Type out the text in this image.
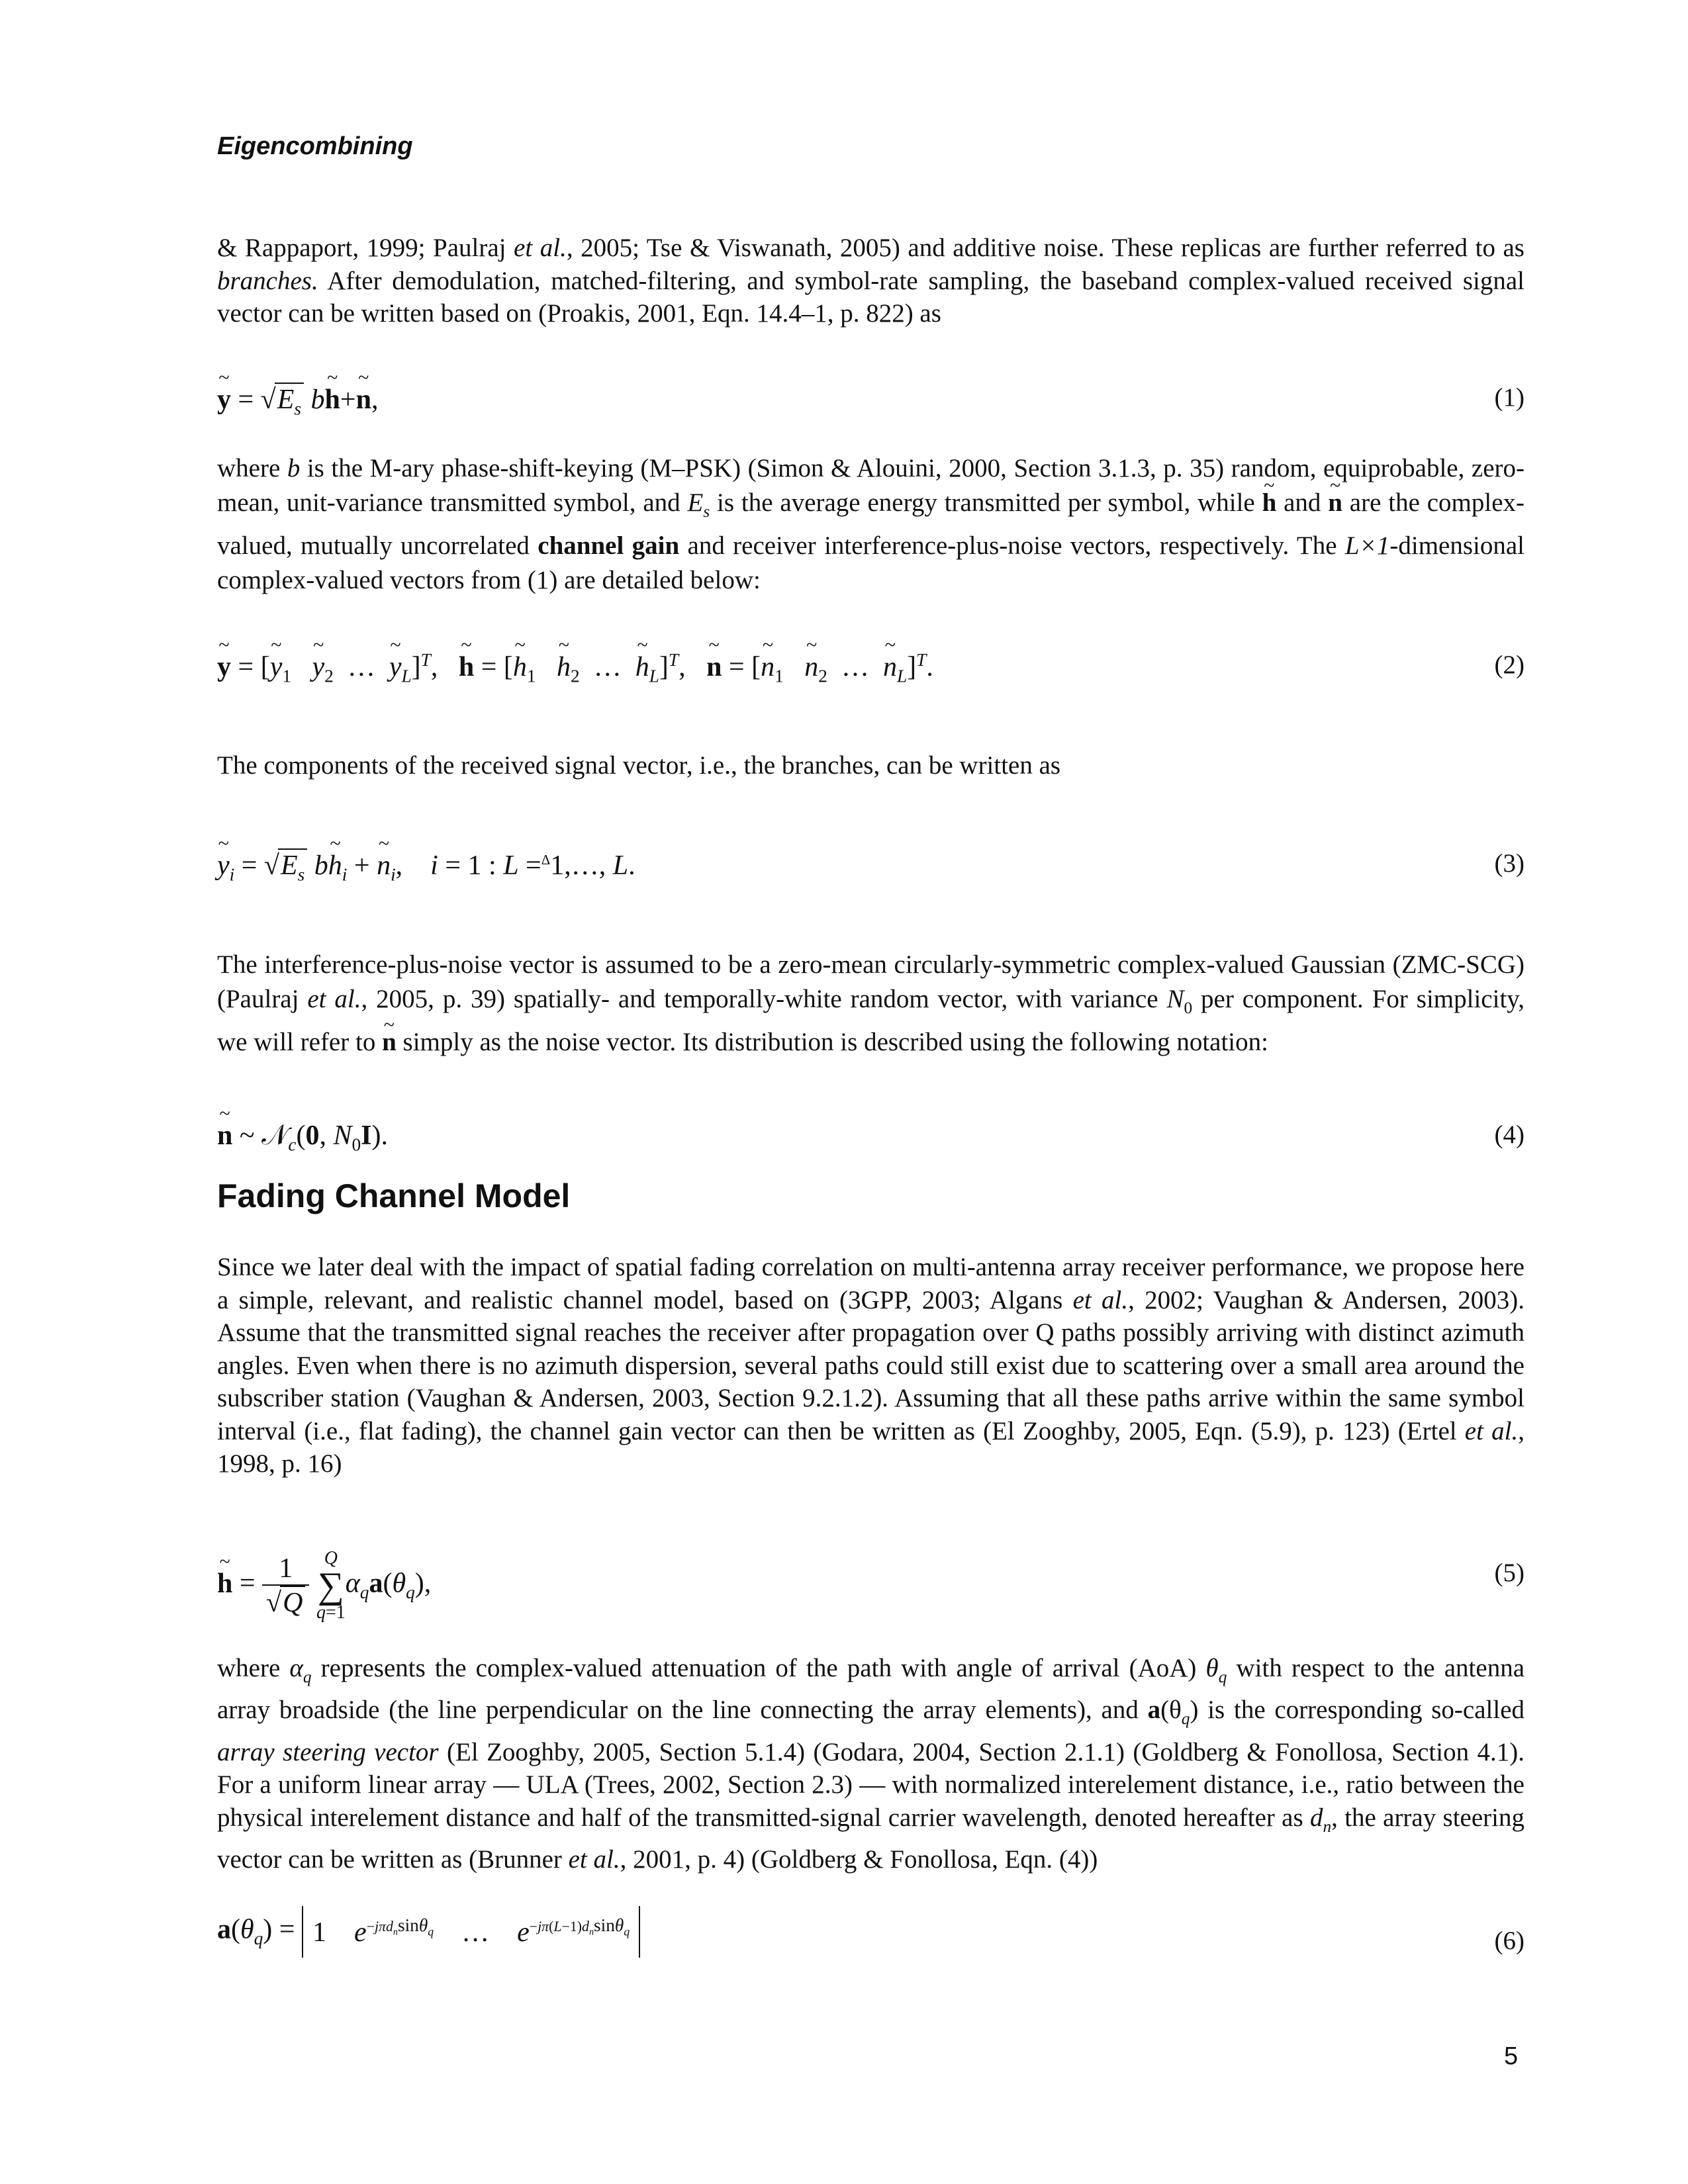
Eigencombining
& Rappaport, 1999; Paulraj et al., 2005; Tse & Viswanath, 2005) and additive noise. These replicas are further referred to as branches. After demodulation, matched-filtering, and symbol-rate sampling, the baseband complex-valued received signal vector can be written based on (Proakis, 2001, Eqn. 14.4–1, p. 822) as
~ $y = √E_s$ b~ h+~ n,	(1)
where b is the M-ary phase-shift-keying (M–PSK) (Simon & Alouini, 2000, Section 3.1.3, p. 35) random, equiprobable, zero-mean, unit-variance transmitted symbol, and $E_s$ is the average energy transmitted per symbol, while ~ h and ~ n are the complex-valued, mutually uncorrelated channel gain and receiver interference-plus-noise vectors, respectively. The L×1-dimensional complex-valued vectors from (1) are detailed below:
~ y = [~ $y_1$ ~ $y_2$  …  ~ $y_L]^T$,   ~ h = [~ $h_1$ ~ $h_2$  …  ~ $h_L]^T$,   ~ n = [~ $n_1$ ~ $n_2$  …  ~ $n_L]^T$.	(2)
The components of the received signal vector, i.e., the branches, can be written as
~ $y_i = √E_s$ b~ $h_i$ + ~ $n_i$,    i = 1 : L =$^\Delta$1,…, L.	(3)
The interference-plus-noise vector is assumed to be a zero-mean circularly-symmetric complex-valued Gaussian (ZMC-SCG) (Paulraj et al., 2005, p. 39) spatially- and temporally-white random vector, with variance $N_0$ per component. For simplicity, we will refer to ~ n simply as the noise vector. Its distribution is described using the following notation:
~ n ~ 𝒩$_c$(0, $N_0I$).	(4)
Fading Channel Model
Since we later deal with the impact of spatial fading correlation on multi-antenna array receiver performance, we propose here a simple, relevant, and realistic channel model, based on (3GPP, 2003; Algans et al., 2002; Vaughan & Andersen, 2003). Assume that the transmitted signal reaches the receiver after propagation over Q paths possibly arriving with distinct azimuth angles. Even when there is no azimuth dispersion, several paths could still exist due to scattering over a small area around the subscriber station (Vaughan & Andersen, 2003, Section 9.2.1.2). Assuming that all these paths arrive within the same symbol interval (i.e., flat fading), the channel gain vector can then be written as (El Zooghby, 2005, Eqn. (5.9), p. 123) (Ertel et al., 1998, p. 16)
~ $h = \frac{1}{√Q}$ Q
∑
$q=1\alpha_qa(\theta_q)$,	(5)
where $\alpha_q$ represents the complex-valued attenuation of the path with angle of arrival (AoA) $\theta_q$ with respect to the antenna array broadside (the line perpendicular on the line connecting the array elements), and $a(\theta_q)$ is the corresponding so-called array steering vector (El Zooghby, 2005, Section 5.1.4) (Godara, 2004, Section 2.1.1) (Goldberg & Fonollosa, Section 4.1). For a uniform linear array — ULA (Trees, 2002, Section 2.3) — with normalized interelement distance, i.e., ratio between the physical interelement distance and half of the transmitted-signal carrier wavelength, denoted hereafter as $d_n$, the array steering vector can be written as (Brunner et al., 2001, p. 4) (Goldberg & Fonollosa, Eqn. (4))
$a(\theta_q) = 1$    $e^{-j\pi d_nsin\theta_q}$    …    $e^{-j\pi(L-1)d_nsin\theta_q}$	(6)
5
